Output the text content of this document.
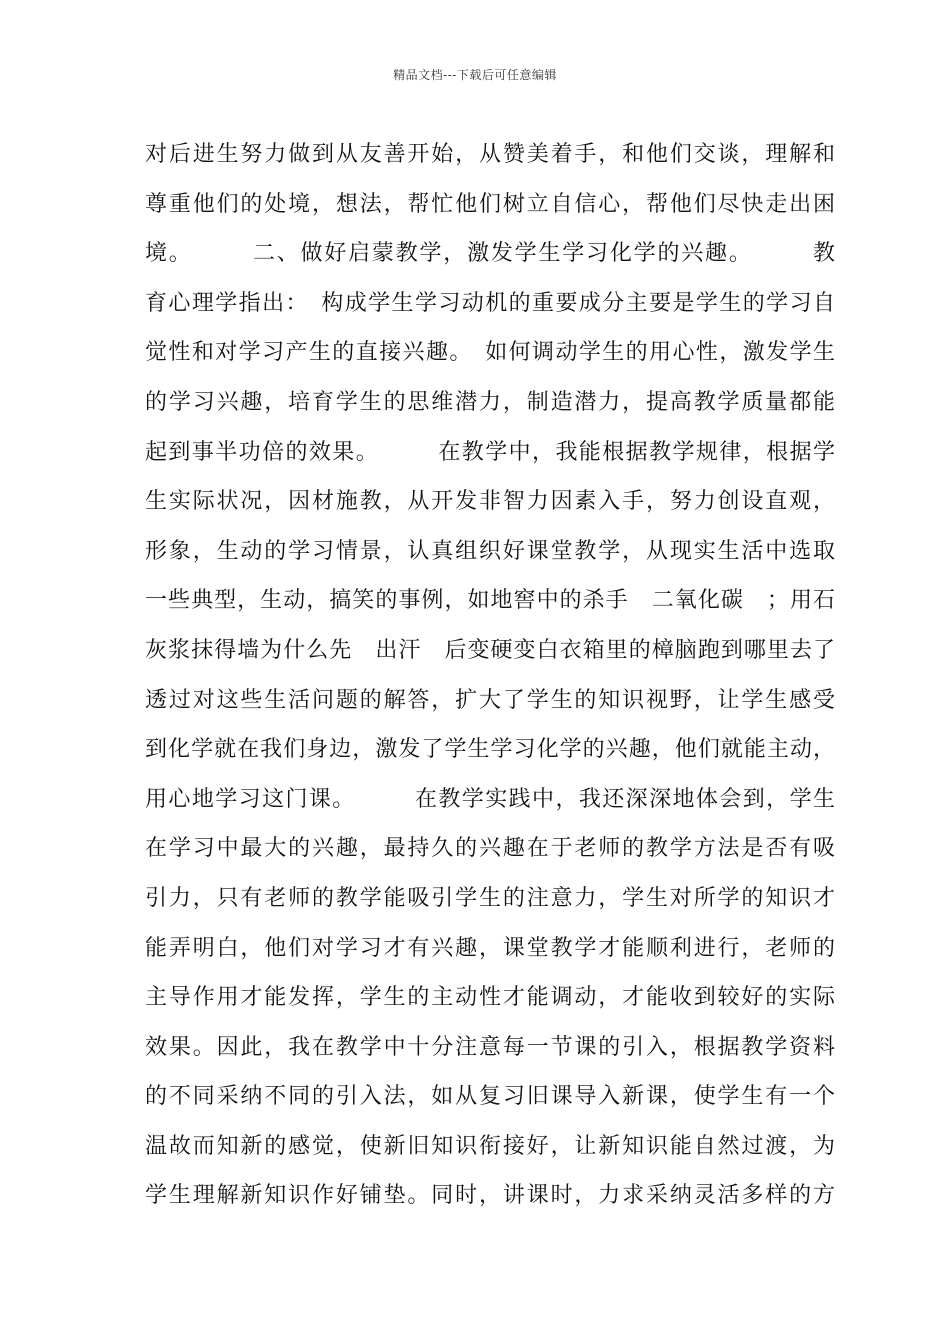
精品文档---下载后可任意编辑
对后进生努力做到从友善开始，从赞美着手，和他们交谈，理解和
尊重他们的处境，想法，帮忙他们树立自信心，帮他们尽快走出困
境。　　　二、做好启蒙教学，激发学生学习化学的兴趣。　　　教
育心理学指出：　构成学生学习动机的重要成分主要是学生的学习自
觉性和对学习产生的直接兴趣。　如何调动学生的用心性，激发学生
的学习兴趣，培育学生的思维潜力，制造潜力，提高教学质量都能
起到事半功倍的效果。　　　在教学中，我能根据教学规律，根据学
生实际状况，因材施教，从开发非智力因素入手，努力创设直观，
形象，生动的学习情景，认真组织好课堂教学，从现实生活中选取
一些典型，生动，搞笑的事例，如地窖中的杀手　二氧化碳　；用石
灰浆抹得墙为什么先　出汗　后变硬变白衣箱里的樟脑跑到哪里去了
透过对这些生活问题的解答，扩大了学生的知识视野，让学生感受
到化学就在我们身边，激发了学生学习化学的兴趣，他们就能主动，
用心地学习这门课。　　　在教学实践中，我还深深地体会到，学生
在学习中最大的兴趣，最持久的兴趣在于老师的教学方法是否有吸
引力，只有老师的教学能吸引学生的注意力，学生对所学的知识才
能弄明白，他们对学习才有兴趣，课堂教学才能顺利进行，老师的
主导作用才能发挥，学生的主动性才能调动，才能收到较好的实际
效果。因此，我在教学中十分注意每一节课的引入，根据教学资料
的不同采纳不同的引入法，如从复习旧课导入新课，使学生有一个
温故而知新的感觉，使新旧知识衔接好，让新知识能自然过渡，为
学生理解新知识作好铺垫。同时，讲课时，力求采纳灵活多样的方
